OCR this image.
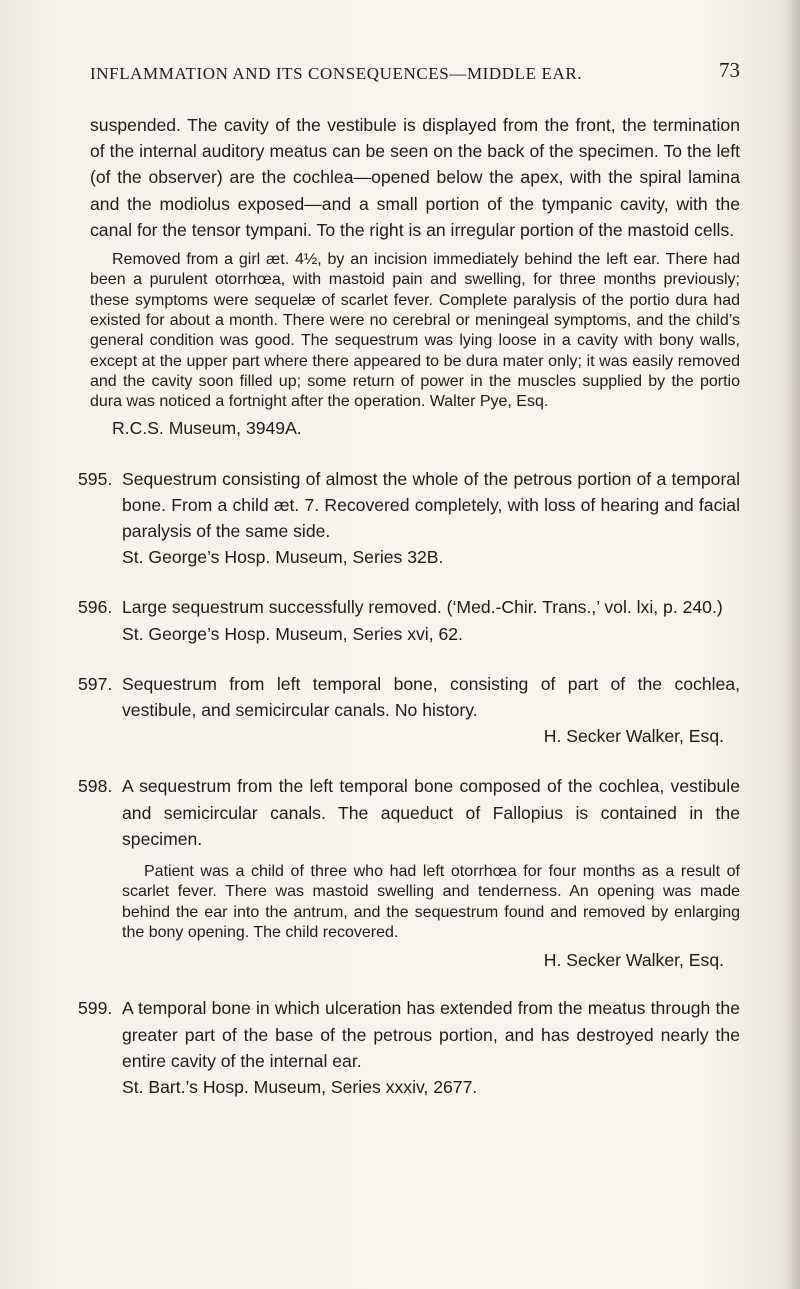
INFLAMMATION AND ITS CONSEQUENCES—MIDDLE EAR.	73

suspended. The cavity of the vestibule is displayed from the front, the termination of the internal auditory meatus can be seen on the back of the specimen. To the left (of the observer) are the cochlea—opened below the apex, with the spiral lamina and the modiolus exposed—and a small portion of the tympanic cavity, with the canal for the tensor tympani. To the right is an irregular portion of the mastoid cells.

Removed from a girl æt. 4½, by an incision immediately behind the left ear. There had been a purulent otorrhœa, with mastoid pain and swelling, for three months previously; these symptoms were sequelæ of scarlet fever. Complete paralysis of the portio dura had existed for about a month. There were no cerebral or meningeal symptoms, and the child’s general condition was good. The sequestrum was lying loose in a cavity with bony walls, except at the upper part where there appeared to be dura mater only; it was easily removed and the cavity soon filled up; some return of power in the muscles supplied by the portio dura was noticed a fortnight after the operation. Walter Pye, Esq.

R.C.S. Museum, 3949A.

595. Sequestrum consisting of almost the whole of the petrous portion of a temporal bone. From a child æt. 7. Recovered completely, with loss of hearing and facial paralysis of the same side.

St. George’s Hosp. Museum, Series 32B.

596. Large sequestrum successfully removed. (‘Med.-Chir. Trans.,’ vol. lxi, p. 240.)

St. George’s Hosp. Museum, Series xvi, 62.

597. Sequestrum from left temporal bone, consisting of part of the cochlea, vestibule, and semicircular canals. No history.

H. Secker Walker, Esq.

598. A sequestrum from the left temporal bone composed of the cochlea, vestibule and semicircular canals. The aqueduct of Fallopius is contained in the specimen.

Patient was a child of three who had left otorrhœa for four months as a result of scarlet fever. There was mastoid swelling and tenderness. An opening was made behind the ear into the antrum, and the sequestrum found and removed by enlarging the bony opening. The child recovered.

H. Secker Walker, Esq.

599. A temporal bone in which ulceration has extended from the meatus through the greater part of the base of the petrous portion, and has destroyed nearly the entire cavity of the internal ear.

St. Bart.’s Hosp. Museum, Series xxxiv, 2677.
